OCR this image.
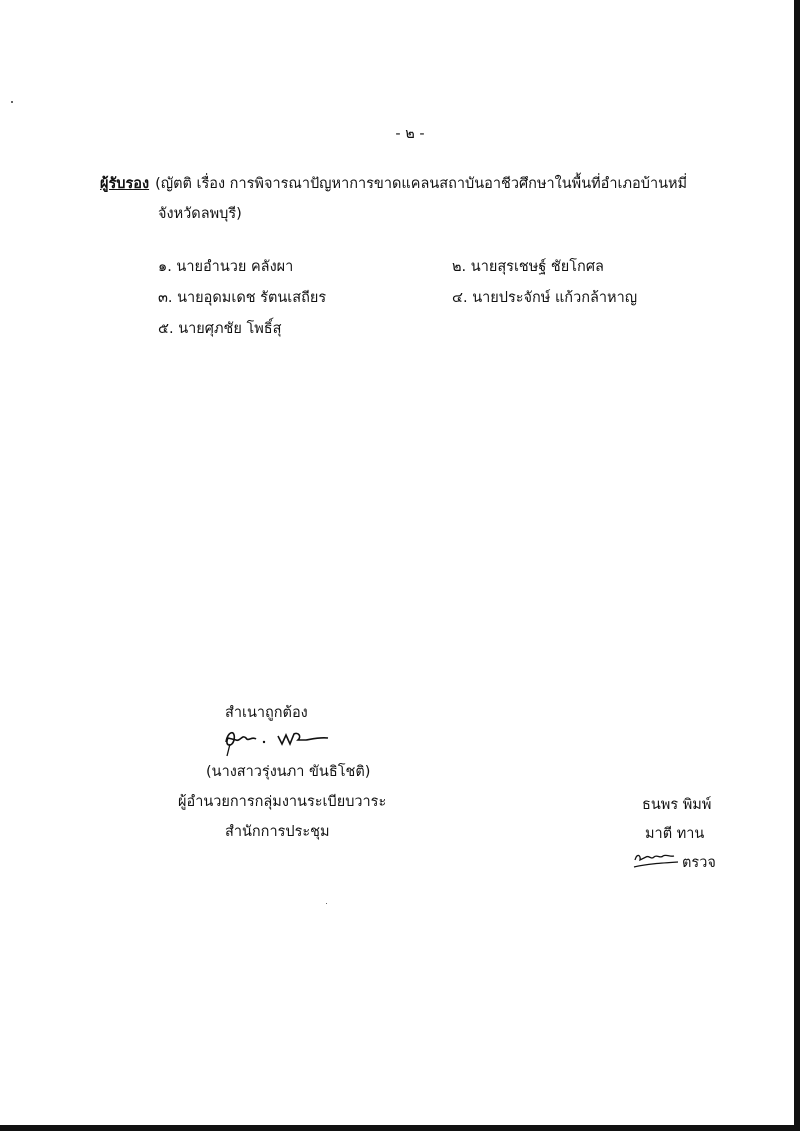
- ๒ -
ผู้รับรอง (ญัตติ เรื่อง การพิจารณาปัญหาการขาดแคลนสถาบันอาชีวศึกษาในพื้นที่อำเภอบ้านหมี่
จังหวัดลพบุรี)
๑. นายอำนวย คลังผา	๒. นายสุรเชษฐ์ ชัยโกศล
๓. นายอุดมเดช รัตนเสถียร	๔. นายประจักษ์ แก้วกล้าหาญ
๕. นายศุภชัย โพธิ์สุ
สำเนาถูกต้อง
(นางสาวรุ่งนภา ขันธิโชติ)
ผู้อำนวยการกลุ่มงานระเบียบวาระ
สำนักการประชุม
ธนพร พิมพ์
มาตี ทาน
ตรวจ
